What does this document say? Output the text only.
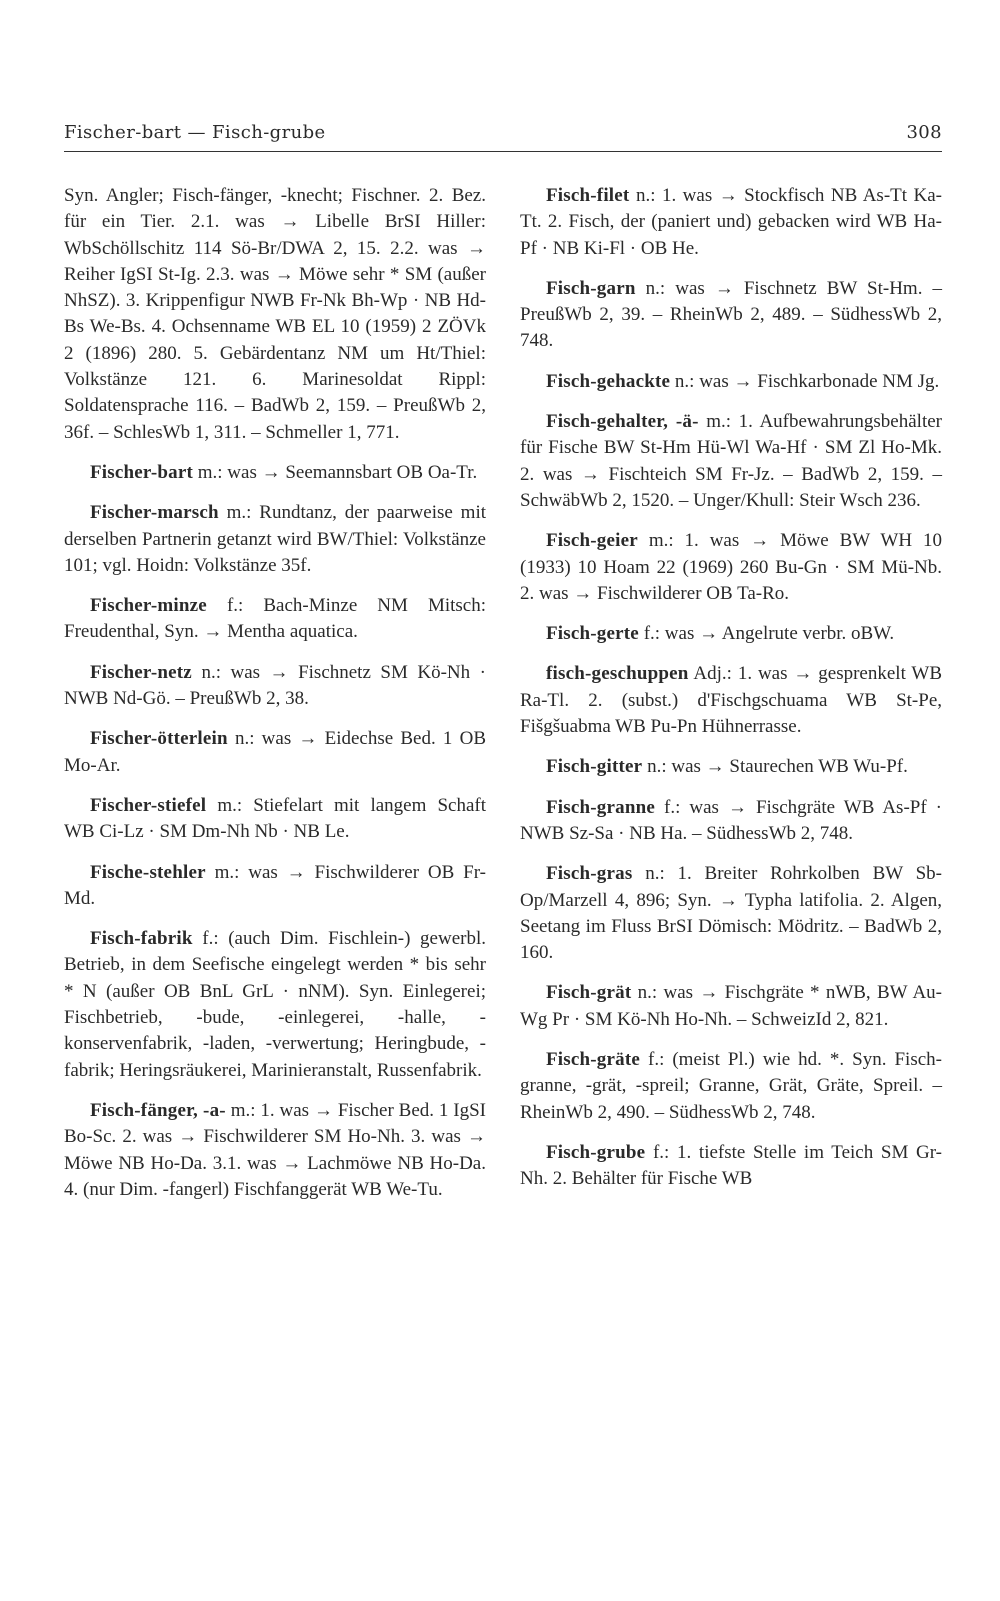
Fischer-bart — Fisch-grube	308

Syn. Angler; Fisch-fänger, -knecht; Fischner. 2. Bez. für ein Tier. 2.1. was → Libelle BrSI Hiller: WbSchöllschitz 114 Sö-Br/DWA 2, 15. 2.2. was → Reiher IgSI St-Ig. 2.3. was → Möwe sehr * SM (außer NhSZ). 3. Krippenfigur NWB Fr-Nk Bh-Wp · NB Hd-Bs We-Bs. 4. Ochsenname WB EL 10 (1959) 2 ZÖVk 2 (1896) 280. 5. Gebärdentanz NM um Ht/Thiel: Volkstänze 121. 6. Marinesoldat Rippl: Soldatensprache 116. – BadWb 2, 159. – PreußWb 2, 36f. – SchlesWb 1, 311. – Schmeller 1, 771.

Fischer-bart m.: was → Seemannsbart OB Oa-Tr.

Fischer-marsch m.: Rundtanz, der paarweise mit derselben Partnerin getanzt wird BW/Thiel: Volkstänze 101; vgl. Hoidn: Volkstänze 35f.

Fischer-minze f.: Bach-Minze NM Mitsch: Freudenthal, Syn. → Mentha aquatica.

Fischer-netz n.: was → Fischnetz SM Kö-Nh · NWB Nd-Gö. – PreußWb 2, 38.

Fischer-ötterlein n.: was → Eidechse Bed. 1 OB Mo-Ar.

Fischer-stiefel m.: Stiefelart mit langem Schaft WB Ci-Lz · SM Dm-Nh Nb · NB Le.

Fische-stehler m.: was → Fischwilderer OB Fr-Md.

Fisch-fabrik f.: (auch Dim. Fischlein-) gewerbl. Betrieb, in dem Seefische eingelegt werden * bis sehr * N (außer OB BnL GrL · nNM). Syn. Einlegerei; Fischbetrieb, -bude, -einlegerei, -halle, -konservenfabrik, -laden, -verwertung; Heringbude, -fabrik; Heringsräukerei, Marinieranstalt, Russenfabrik.

Fisch-fänger, -a- m.: 1. was → Fischer Bed. 1 IgSI Bo-Sc. 2. was → Fischwilderer SM Ho-Nh. 3. was → Möwe NB Ho-Da. 3.1. was → Lachmöwe NB Ho-Da. 4. (nur Dim. -fangerl) Fischfanggerät WB We-Tu.

Fisch-filet n.: 1. was → Stockfisch NB As-Tt Ka-Tt. 2. Fisch, der (paniert und) gebacken wird WB Ha-Pf · NB Ki-Fl · OB He.

Fisch-garn n.: was → Fischnetz BW St-Hm. – PreußWb 2, 39. – RheinWb 2, 489. – SüdhessWb 2, 748.

Fisch-gehackte n.: was → Fischkarbonade NM Jg.

Fisch-gehalter, -ä- m.: 1. Aufbewahrungsbehälter für Fische BW St-Hm Hü-Wl Wa-Hf · SM Zl Ho-Mk. 2. was → Fischteich SM Fr-Jz. – BadWb 2, 159. – SchwäbWb 2, 1520. – Unger/Khull: Steir Wsch 236.

Fisch-geier m.: 1. was → Möwe BW WH 10 (1933) 10 Hoam 22 (1969) 260 Bu-Gn · SM Mü-Nb. 2. was → Fischwilderer OB Ta-Ro.

Fisch-gerte f.: was → Angelrute verbr. oBW.

fisch-geschuppen Adj.: 1. was → gesprenkelt WB Ra-Tl. 2. (subst.) d'Fischgschuama WB St-Pe, Fišgšuabma WB Pu-Pn Hühnerrasse.

Fisch-gitter n.: was → Staurechen WB Wu-Pf.

Fisch-granne f.: was → Fischgräte WB As-Pf · NWB Sz-Sa · NB Ha. – SüdhessWb 2, 748.

Fisch-gras n.: 1. Breiter Rohrkolben BW Sb-Op/Marzell 4, 896; Syn. → Typha latifolia. 2. Algen, Seetang im Fluss BrSI Dömisch: Mödritz. – BadWb 2, 160.

Fisch-grät n.: was → Fischgräte * nWB, BW Au-Wg Pr · SM Kö-Nh Ho-Nh. – SchweizId 2, 821.

Fisch-gräte f.: (meist Pl.) wie hd. *. Syn. Fisch-granne, -grät, -spreil; Granne, Grät, Gräte, Spreil. – RheinWb 2, 490. – SüdhessWb 2, 748.

Fisch-grube f.: 1. tiefste Stelle im Teich SM Gr-Nh. 2. Behälter für Fische WB
